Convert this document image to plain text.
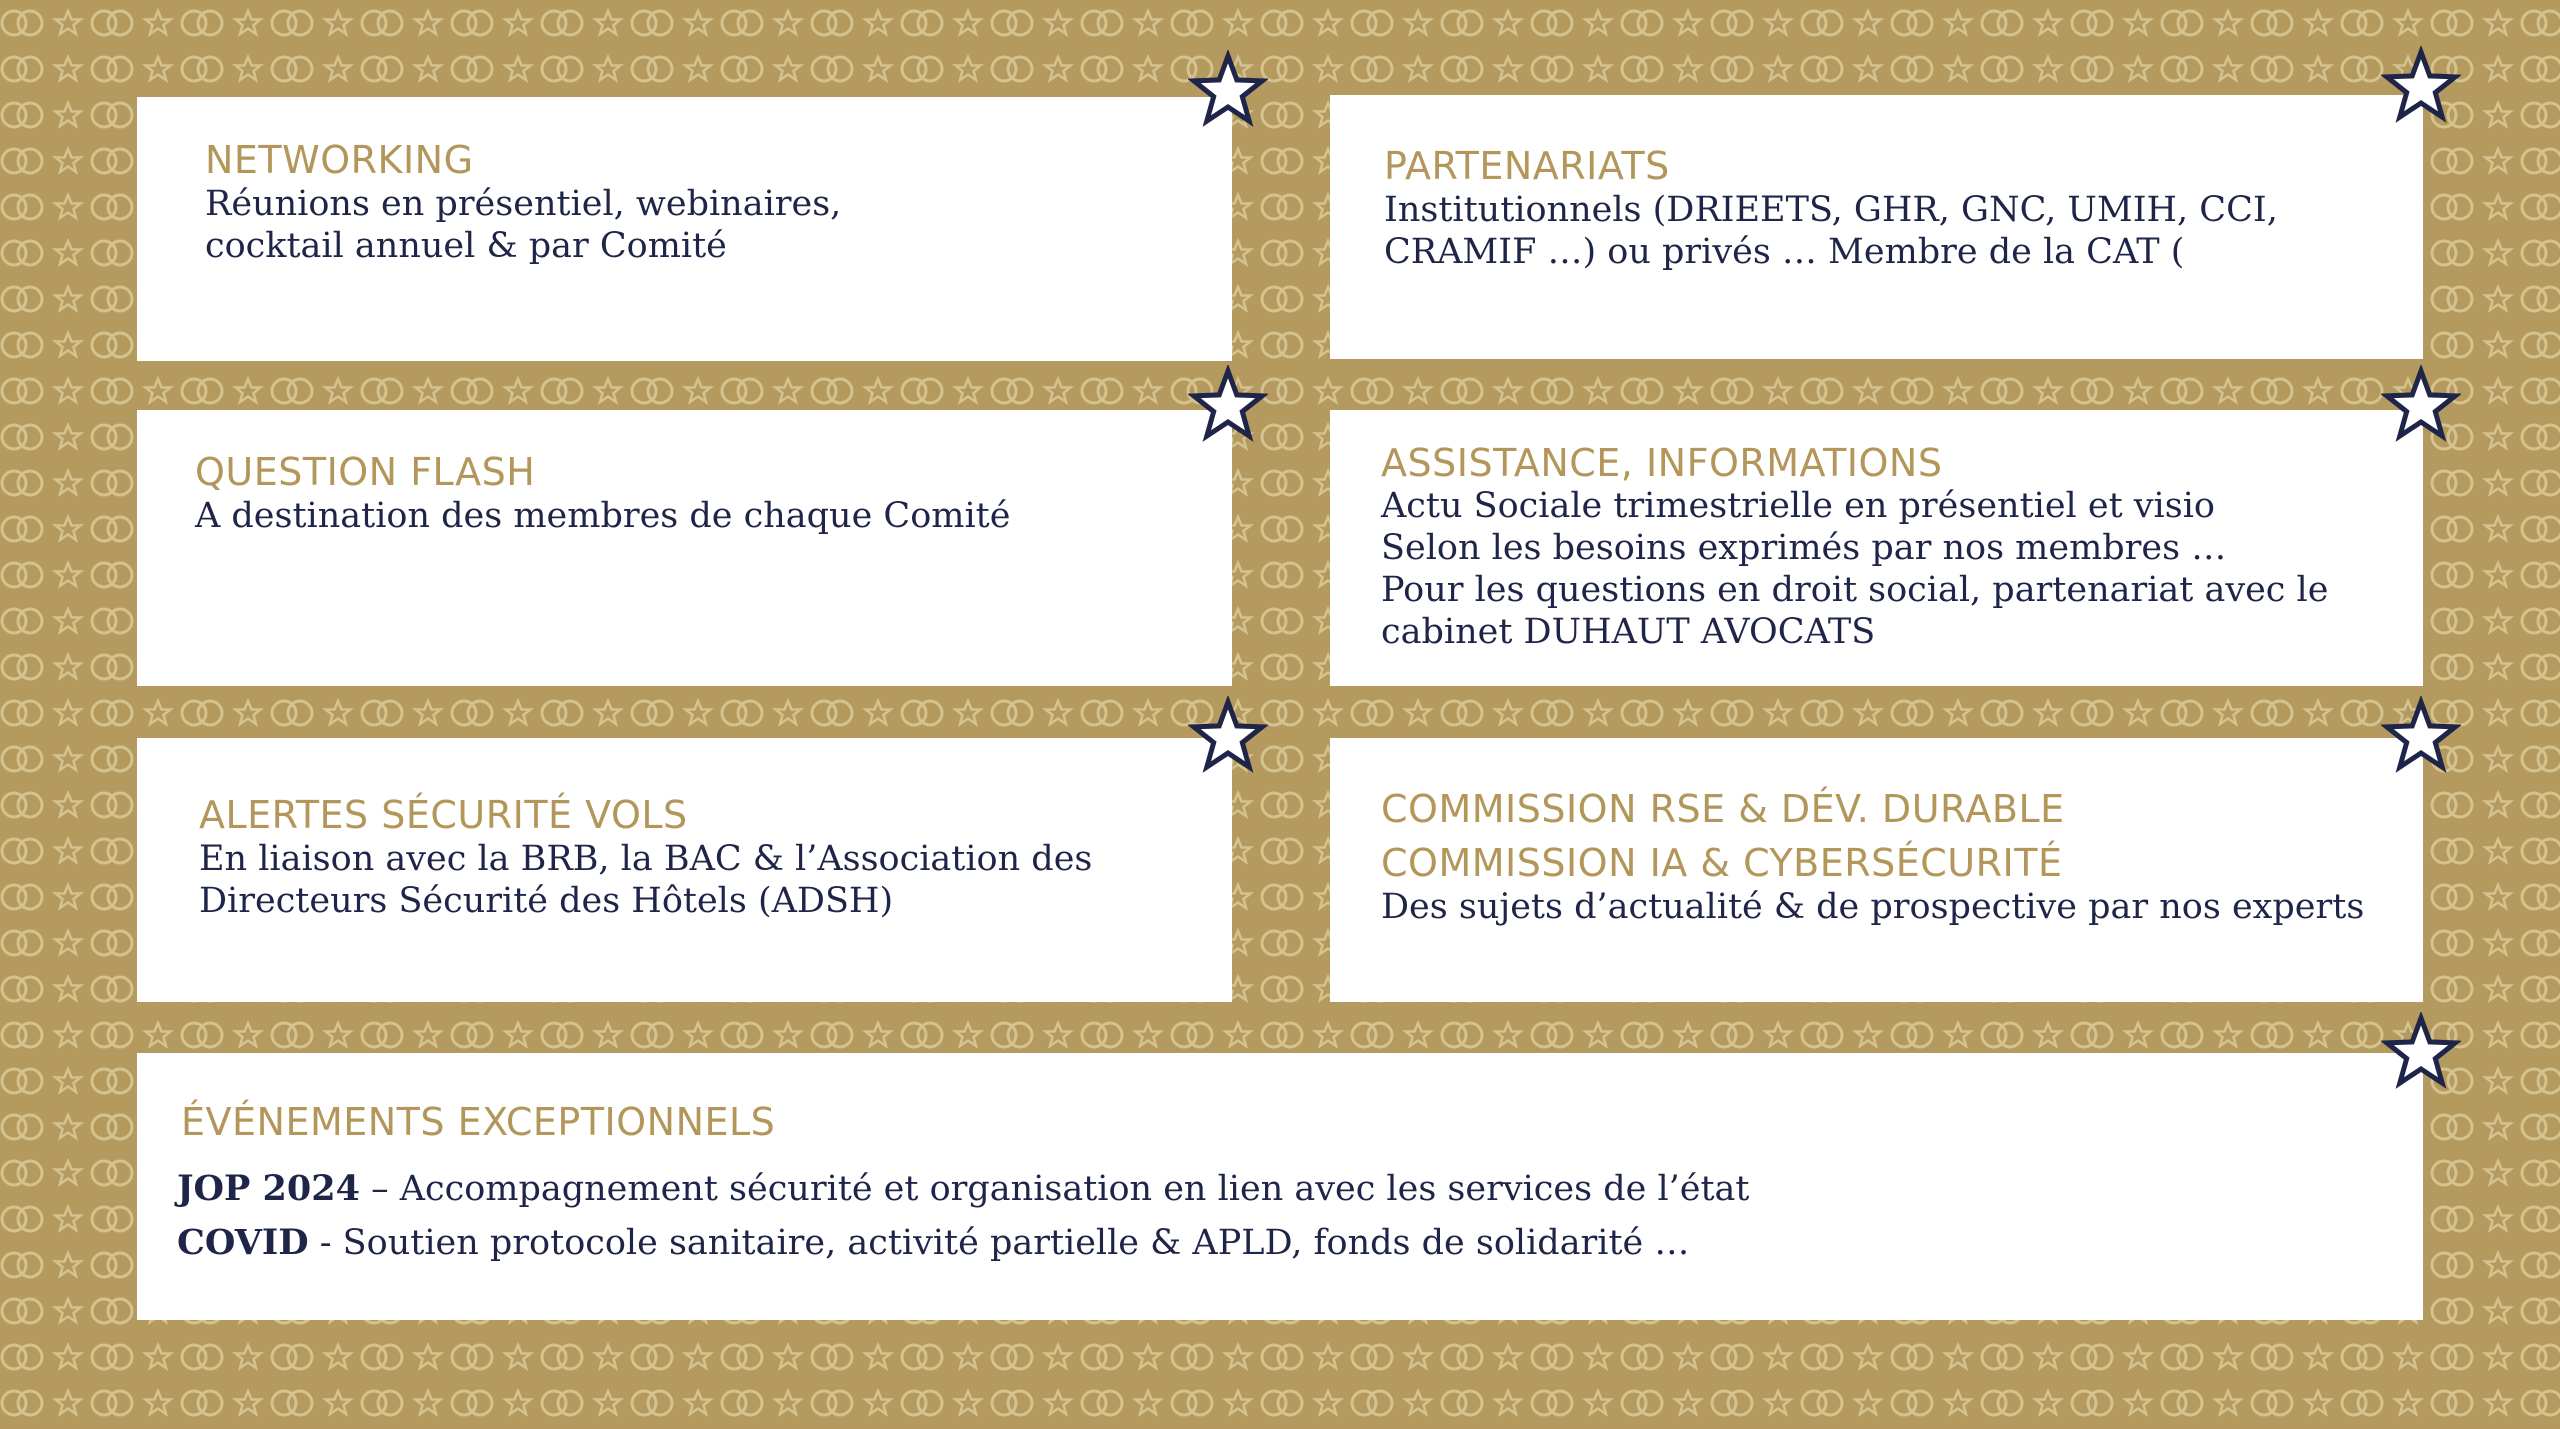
NETWORKING
Réunions en présentiel, webinaires,
cocktail annuel & par Comité
PARTENARIATS
Institutionnels (DRIEETS, GHR, GNC, UMIH, CCI,
CRAMIF …) ou privés … Membre de la CAT (
QUESTION FLASH
A destination des membres de chaque Comité
ASSISTANCE, INFORMATIONS
Actu Sociale trimestrielle en présentiel et visio
Selon les besoins exprimés par nos membres …
Pour les questions en droit social, partenariat avec le
cabinet DUHAUT AVOCATS
ALERTES SÉCURITÉ VOLS
En liaison avec la BRB, la BAC & l’Association des
Directeurs Sécurité des Hôtels (ADSH)
COMMISSION RSE & DÉV. DURABLE
COMMISSION IA & CYBERSÉCURITÉ
Des sujets d’actualité & de prospective par nos experts
ÉVÉNEMENTS EXCEPTIONNELS
JOP 2024 – Accompagnement sécurité et organisation en lien avec les services de l’état
COVID - Soutien protocole sanitaire, activité partielle & APLD, fonds de solidarité …
